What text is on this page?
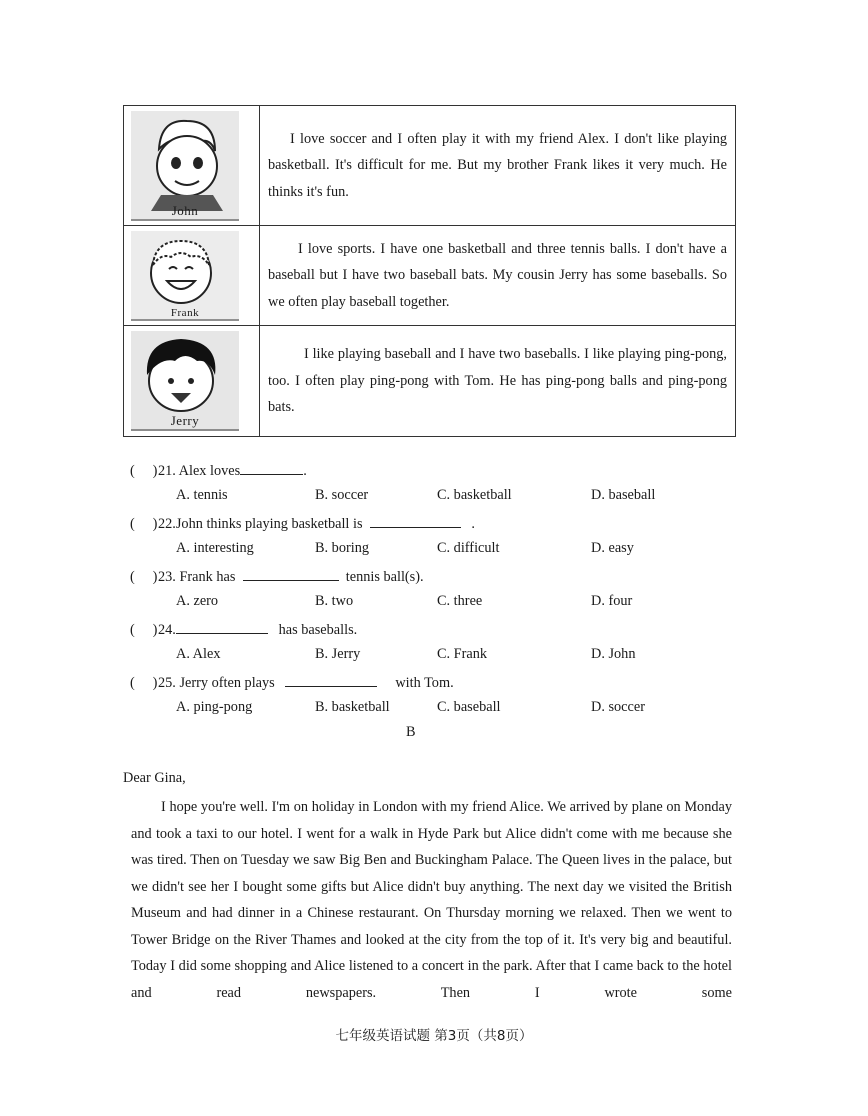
John	I love soccer and I often play it with my friend Alex. I don't like playing basketball. It's difficult for me. But my brother Frank likes it very much. He thinks it's fun.

Frank	I love sports. I have one basketball and three tennis balls. I don't have a baseball but I have two baseball bats. My cousin Jerry has some baseballs. So we often play baseball together.

Jerry	I like playing baseball and I have two baseballs. I like playing ping-pong, too. I often play ping-pong with Tom. He has ping-pong balls and ping-pong bats.

( )21. Alex loves	.
A. tennis	B. soccer	C. basketball	D. baseball
( )22.John thinks playing basketball is	.
A. interesting	B. boring	C. difficult	D. easy
( )23. Frank has	tennis ball(s).
A. zero	B. two	C. three	D. four
( )24.	has baseballs.
A. Alex	B. Jerry	C. Frank	D. John
( )25. Jerry often plays	with Tom.
A. ping-pong	B. basketball	C. baseball	D. soccer
B
Dear Gina,

I hope you're well. I'm on holiday in London with my friend Alice. We arrived by plane on Monday and took a taxi to our hotel. I went for a walk in Hyde Park but Alice didn't come with me because she was tired. Then on Tuesday we saw Big Ben and Buckingham Palace. The Queen lives in the palace, but we didn't see her I bought some gifts but Alice didn't buy anything. The next day we visited the British Museum and had dinner in a Chinese restaurant. On Thursday morning we relaxed. Then we went to Tower Bridge on the River Thames and looked at the city from the top of it. It's very big and beautiful. Today I did some shopping and Alice listened to a concert in the park. After that I came back to the hotel and read newspapers. Then I wrote some

七年级英语试题 第3页（共8页）
